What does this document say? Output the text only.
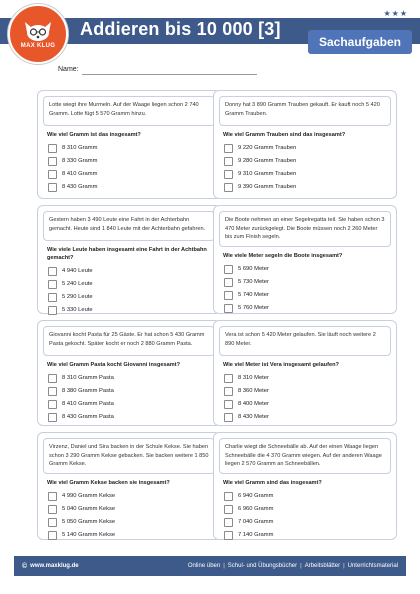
MAX KLUG
Addieren bis 10 000 [3]
★★★
Sachaufgaben
Name:
Lotte wiegt ihre Murmeln. Auf der Waage liegen schon 2 740 Gramm. Lotte fügt 5 570 Gramm hinzu.
Wie viel Gramm ist das insgesamt?
8 310 Gramm
8 330 Gramm
8 410 Gramm
8 430 Gramm
Donny hat 3 890 Gramm Trauben gekauft. Er kauft noch 5 420 Gramm Trauben.
Wie viel Gramm Trauben sind das insgesamt?
9 220 Gramm Trauben
9 280 Gramm Trauben
9 310 Gramm Trauben
9 390 Gramm Trauben
Gestern haben 3 490 Leute eine Fahrt in der Achterbahn gemacht. Heute sind 1 840 Leute mit der Achterbahn gefahren.
Wie viele Leute haben insgesamt eine Fahrt in der Achtbahn gemacht?
4 940 Leute
5 240 Leute
5 290 Leute
5 330 Leute
Die Boote nehmen an einer Segelregatta teil. Sie haben schon 3 470 Meter zurückgelegt. Die Boote müssen noch 2 260 Meter bis zum Finish segeln.
Wie viele Meter segeln die Boote insgesamt?
5 690 Meter
5 730 Meter
5 740 Meter
5 760 Meter
Giovanni kocht Pasta für 25 Gäste. Er hat schon 5 430 Gramm Pasta gekocht. Später kocht er noch 2 880 Gramm Pasta.
Wie viel Gramm Pasta kocht Giovanni insgesamt?
8 310 Gramm Pasta
8 380 Gramm Pasta
8 410 Gramm Pasta
8 430 Gramm Pasta
Vera ist schon 5 420 Meter gelaufen. Sie läuft noch weitere 2 890 Meter.
Wie viel Meter ist Vera insgesamt gelaufen?
8 310 Meter
8 360 Meter
8 400 Meter
8 430 Meter
Virzenz, Daniel und Sira backen in der Schule Kekse. Sie haben schon 3 290 Gramm Kekse gebacken. Sie backen weitere 1 850 Gramm Kekse.
Wie viel Gramm Kekse backen sie insgesamt?
4 990 Gramm Kekse
5 040 Gramm Kekse
5 050 Gramm Kekse
5 140 Gramm Kekse
Charlie wiegt die Schneebälle ab. Auf der einen Waage liegen Schneebälle die 4 370 Gramm wiegen. Auf der anderen Waage liegen 2 570 Gramm an Schneebällen.
Wie viel Gramm sind das insgesamt?
6 940 Gramm
6 960 Gramm
7 040 Gramm
7 140 Gramm
© www.maxklug.de	Online üben | Schul- und Übungsbücher | Arbeitsblätter | Unterrichtsmaterial
